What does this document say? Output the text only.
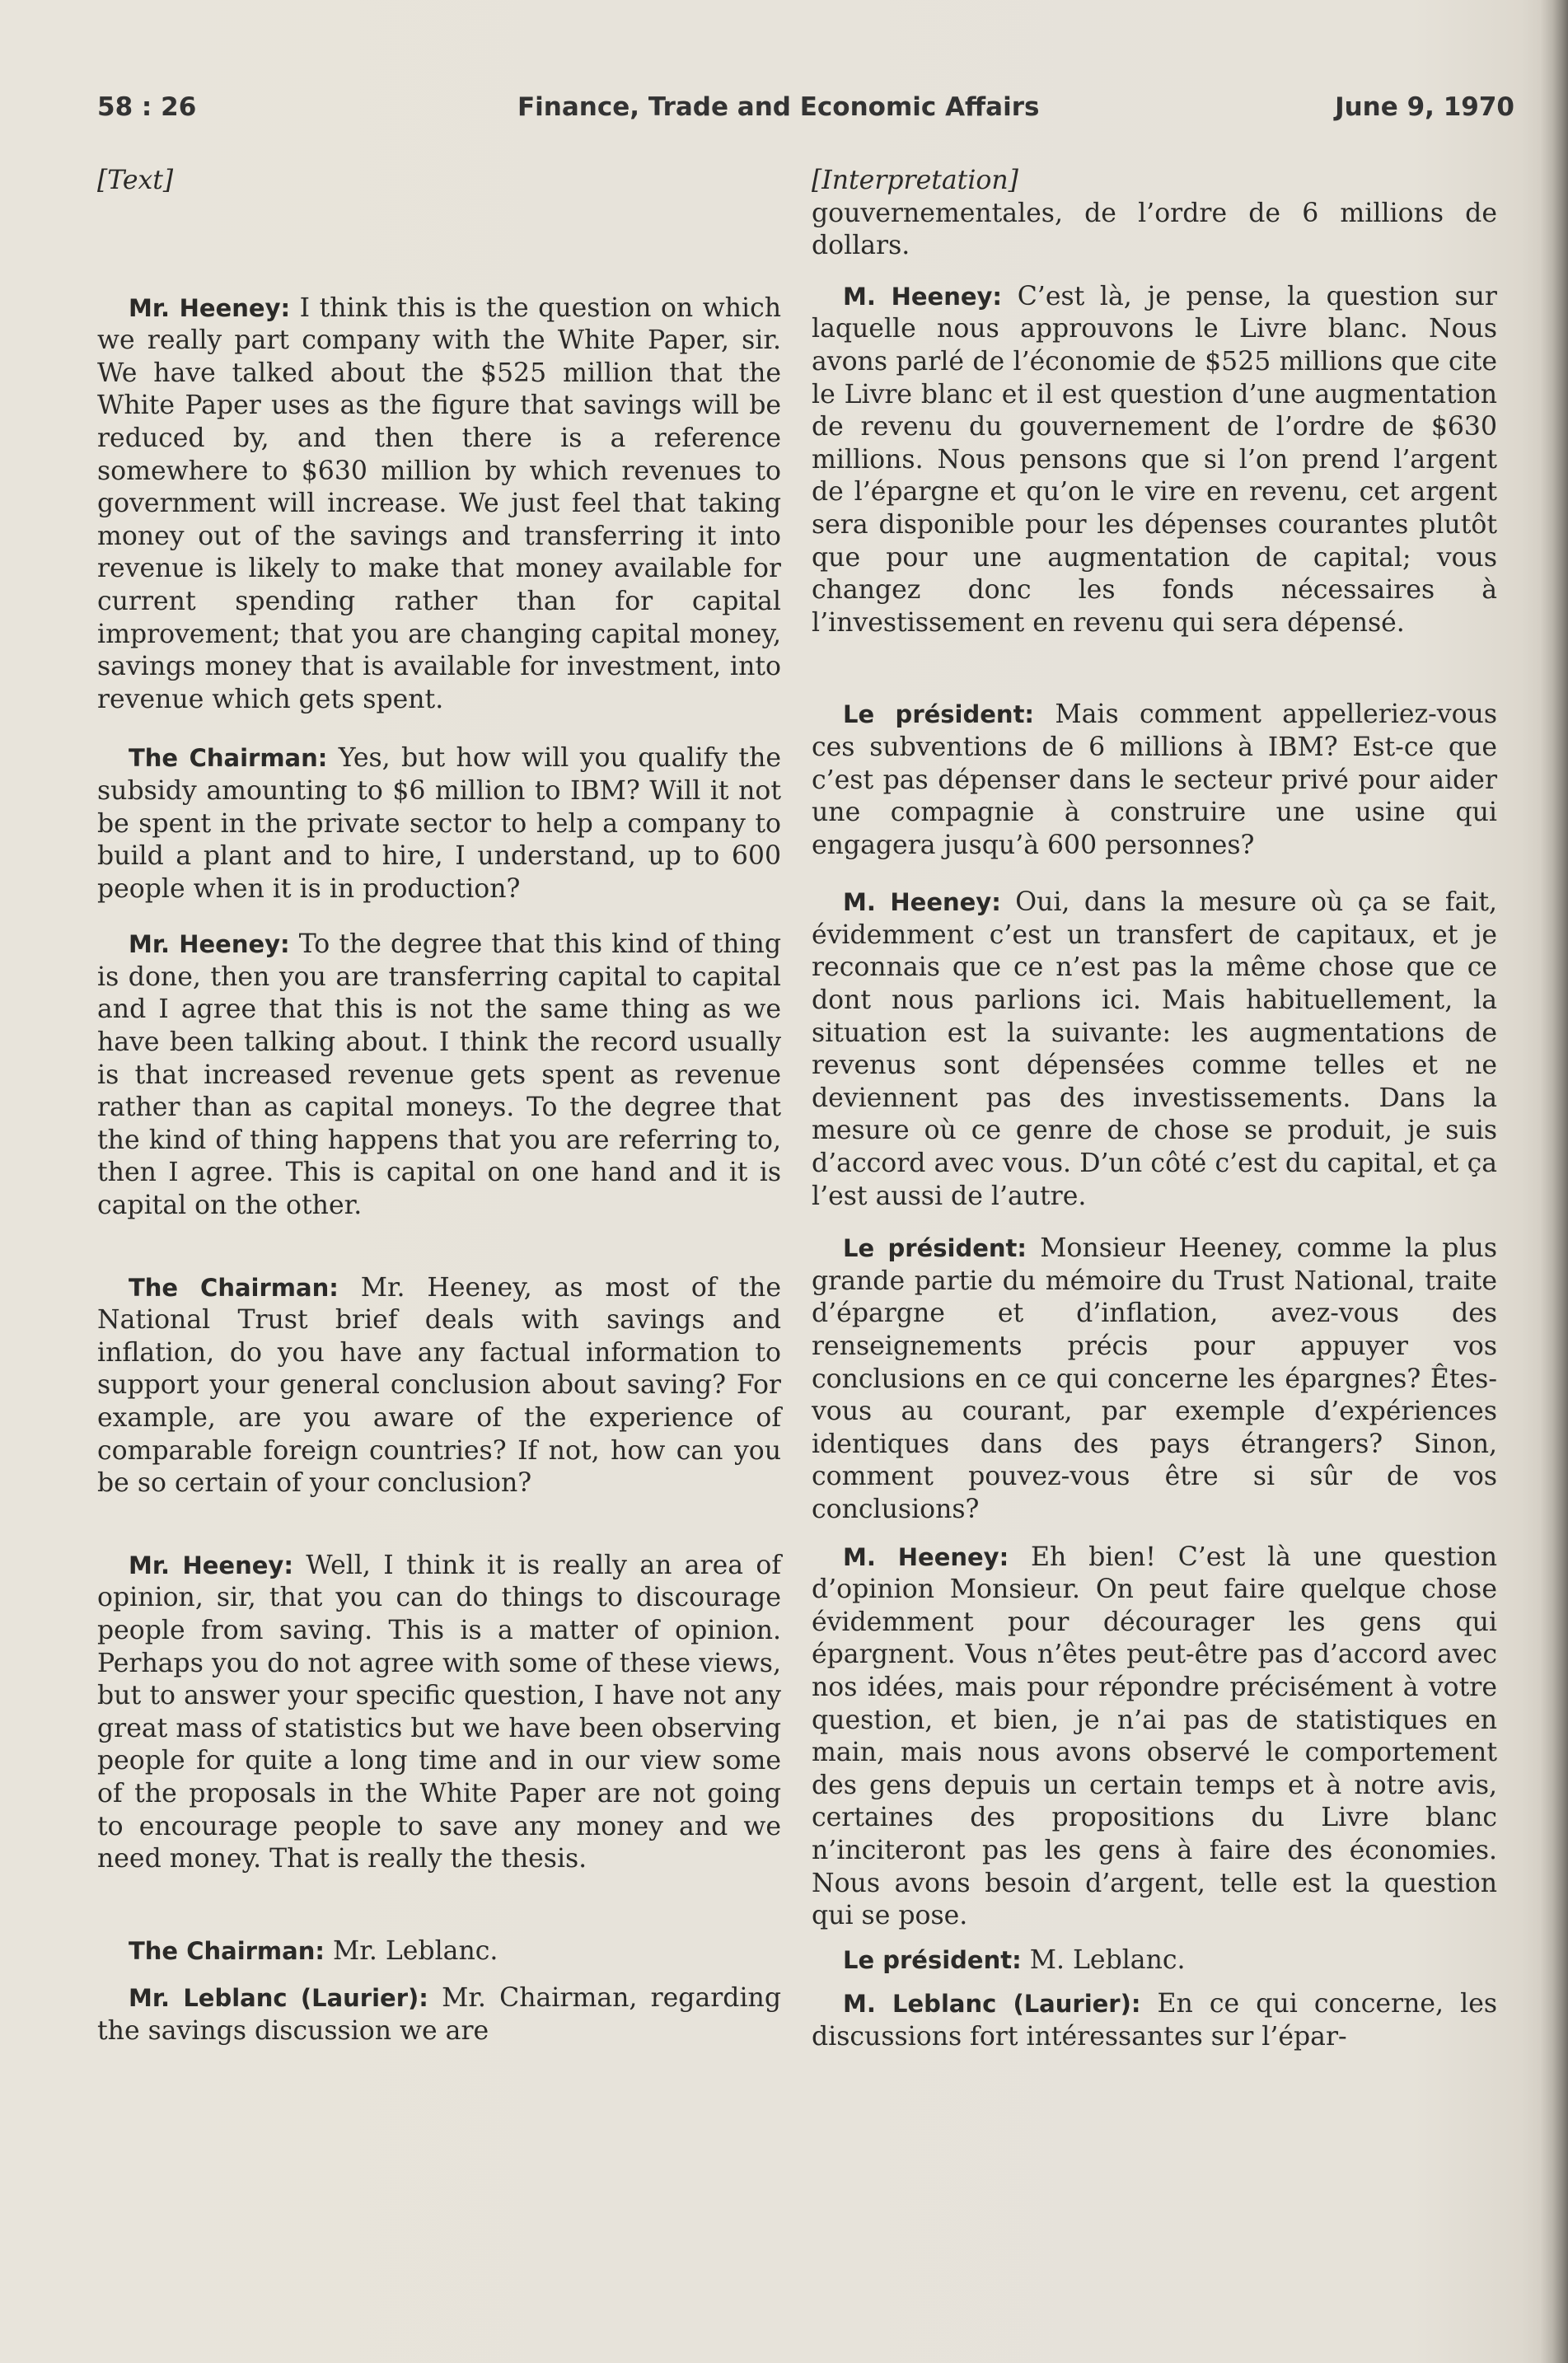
58 : 26	Finance, Trade and Economic Affairs	June 9, 1970

[Text]

Mr. Heeney: I think this is the question on which we really part company with the White Paper, sir. We have talked about the $525 million that the White Paper uses as the figure that savings will be reduced by, and then there is a reference somewhere to $630 million by which revenues to government will increase. We just feel that taking money out of the savings and transferring it into revenue is likely to make that money available for current spending rather than for capital improvement; that you are changing capital money, savings money that is available for investment, into revenue which gets spent.

The Chairman: Yes, but how will you qualify the subsidy amounting to $6 million to IBM? Will it not be spent in the private sector to help a company to build a plant and to hire, I understand, up to 600 people when it is in production?

Mr. Heeney: To the degree that this kind of thing is done, then you are transferring capital to capital and I agree that this is not the same thing as we have been talking about. I think the record usually is that increased revenue gets spent as revenue rather than as capital moneys. To the degree that the kind of thing happens that you are referring to, then I agree. This is capital on one hand and it is capital on the other.

The Chairman: Mr. Heeney, as most of the National Trust brief deals with savings and inflation, do you have any factual information to support your general conclusion about saving? For example, are you aware of the experience of comparable foreign countries? If not, how can you be so certain of your conclusion?

Mr. Heeney: Well, I think it is really an area of opinion, sir, that you can do things to discourage people from saving. This is a matter of opinion. Perhaps you do not agree with some of these views, but to answer your specific question, I have not any great mass of statistics but we have been observing people for quite a long time and in our view some of the proposals in the White Paper are not going to encourage people to save any money and we need money. That is really the thesis.

The Chairman: Mr. Leblanc.

Mr. Leblanc (Laurier): Mr. Chairman, regarding the savings discussion we are

[Interpretation]

gouvernementales, de l’ordre de 6 millions de dollars.

M. Heeney: C’est là, je pense, la question sur laquelle nous approuvons le Livre blanc. Nous avons parlé de l’économie de $525 millions que cite le Livre blanc et il est question d’une augmentation de revenu du gouvernement de l’ordre de $630 millions. Nous pensons que si l’on prend l’argent de l’épargne et qu’on le vire en revenu, cet argent sera disponible pour les dépenses courantes plutôt que pour une augmentation de capital; vous changez donc les fonds nécessaires à l’investissement en revenu qui sera dépensé.

Le président: Mais comment appelleriez-vous ces subventions de 6 millions à IBM? Est-ce que c’est pas dépenser dans le secteur privé pour aider une compagnie à construire une usine qui engagera jusqu’à 600 personnes?

M. Heeney: Oui, dans la mesure où ça se fait, évidemment c’est un transfert de capitaux, et je reconnais que ce n’est pas la même chose que ce dont nous parlions ici. Mais habituellement, la situation est la suivante: les augmentations de revenus sont dépensées comme telles et ne deviennent pas des investissements. Dans la mesure où ce genre de chose se produit, je suis d’accord avec vous. D’un côté c’est du capital, et ça l’est aussi de l’autre.

Le président: Monsieur Heeney, comme la plus grande partie du mémoire du Trust National, traite d’épargne et d’inflation, avez-vous des renseignements précis pour appuyer vos conclusions en ce qui concerne les épargnes? Êtes-vous au courant, par exemple d’expériences identiques dans des pays étrangers? Sinon, comment pouvez-vous être si sûr de vos conclusions?

M. Heeney: Eh bien! C’est là une question d’opinion Monsieur. On peut faire quelque chose évidemment pour décourager les gens qui épargnent. Vous n’êtes peut-être pas d’accord avec nos idées, mais pour répondre précisément à votre question, et bien, je n’ai pas de statistiques en main, mais nous avons observé le comportement des gens depuis un certain temps et à notre avis, certaines des propositions du Livre blanc n’inciteront pas les gens à faire des économies. Nous avons besoin d’argent, telle est la question qui se pose.

Le président: M. Leblanc.

M. Leblanc (Laurier): En ce qui concerne, les discussions fort intéressantes sur l’épar-
